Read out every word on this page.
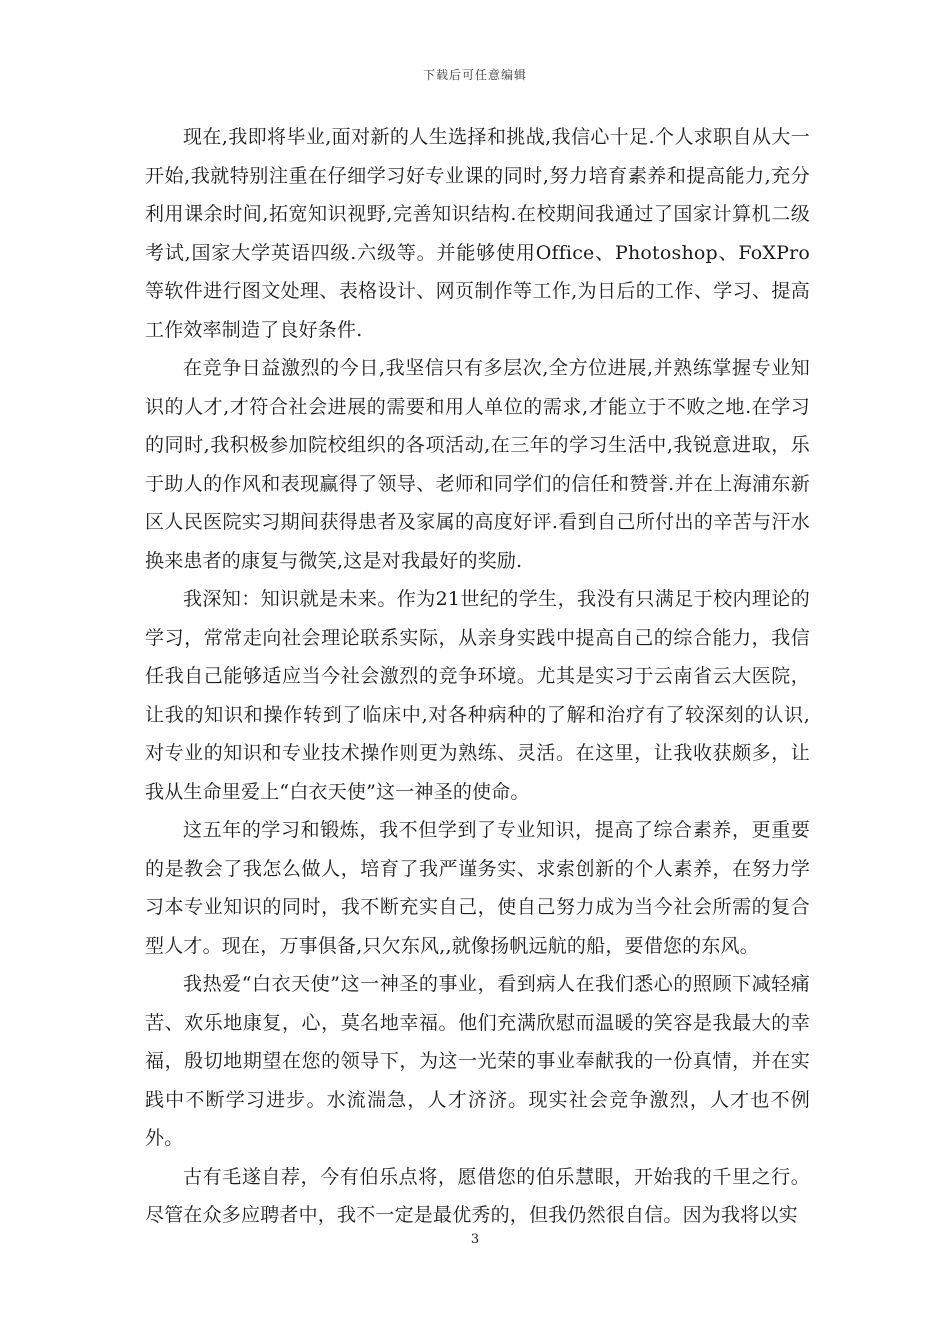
下载后可任意编辑

现在,我即将毕业,面对新的人生选择和挑战,我信心十足.个人求职自从大一开始,我就特别注重在仔细学习好专业课的同时,努力培育素养和提高能力,充分利用课余时间,拓宽知识视野,完善知识结构.在校期间我通过了国家计算机二级考试,国家大学英语四级.六级等。并能够使用Office、Photoshop、FoXPro等软件进行图文处理、表格设计、网页制作等工作,为日后的工作、学习、提高工作效率制造了良好条件.

在竞争日益激烈的今日,我坚信只有多层次,全方位进展,并熟练掌握专业知识的人才,才符合社会进展的需要和用人单位的需求,才能立于不败之地.在学习的同时,我积极参加院校组织的各项活动,在三年的学习生活中,我锐意进取，乐于助人的作风和表现赢得了领导、老师和同学们的信任和赞誉.并在上海浦东新区人民医院实习期间获得患者及家属的高度好评.看到自己所付出的辛苦与汗水换来患者的康复与微笑,这是对我最好的奖励.

我深知：知识就是未来。作为21世纪的学生，我没有只满足于校内理论的学习，常常走向社会理论联系实际，从亲身实践中提高自己的综合能力，我信任我自己能够适应当今社会激烈的竞争环境。尤其是实习于云南省云大医院，让我的知识和操作转到了临床中,对各种病种的了解和治疗有了较深刻的认识,对专业的知识和专业技术操作则更为熟练、灵活。在这里，让我收获颇多，让我从生命里爱上“白衣天使”这一神圣的使命。

这五年的学习和锻炼，我不但学到了专业知识，提高了综合素养，更重要的是教会了我怎么做人，培育了我严谨务实、求索创新的个人素养，在努力学习本专业知识的同时，我不断充实自己，使自己努力成为当今社会所需的复合型人才。现在，万事俱备,只欠东风,,就像扬帆远航的船，要借您的东风。

我热爱“白衣天使”这一神圣的事业，看到病人在我们悉心的照顾下减轻痛苦、欢乐地康复，心，莫名地幸福。他们充满欣慰而温暖的笑容是我最大的幸福，殷切地期望在您的领导下，为这一光荣的事业奉献我的一份真情，并在实践中不断学习进步。水流湍急，人才济济。现实社会竞争激烈，人才也不例外。

古有毛遂自荐，今有伯乐点将，愿借您的伯乐慧眼，开始我的千里之行。尽管在众多应聘者中，我不一定是最优秀的，但我仍然很自信。因为我将以实

3
